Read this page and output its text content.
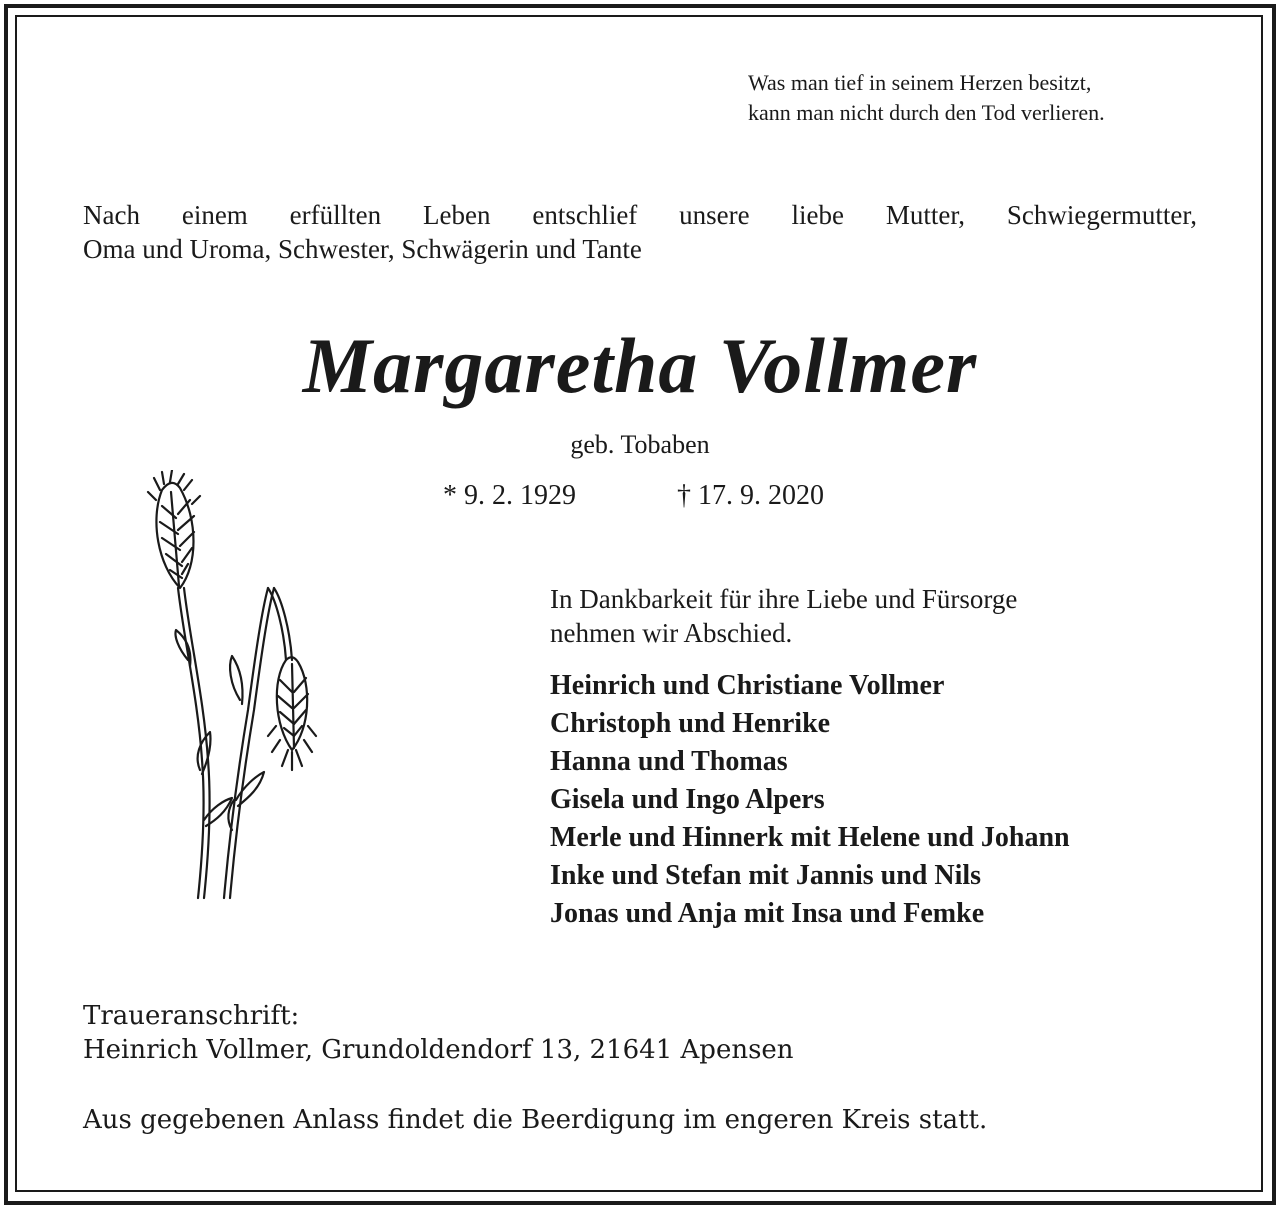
Was man tief in seinem Herzen besitzt,
kann man nicht durch den Tod verlieren.
Nach einem erfüllten Leben entschlief unsere liebe Mutter, Schwiegermutter,
Oma und Uroma, Schwester, Schwägerin und Tante
Margaretha Vollmer
geb. Tobaben
* 9. 2. 1929	† 17. 9. 2020
In Dankbarkeit für ihre Liebe und Fürsorge
nehmen wir Abschied.
Heinrich und Christiane Vollmer
Christoph und Henrike
Hanna und Thomas
Gisela und Ingo Alpers
Merle und Hinnerk mit Helene und Johann
Inke und Stefan mit Jannis und Nils
Jonas und Anja mit Insa und Femke
Traueranschrift:
Heinrich Vollmer, Grundoldendorf 13, 21641 Apensen
Aus gegebenen Anlass findet die Beerdigung im engeren Kreis statt.
